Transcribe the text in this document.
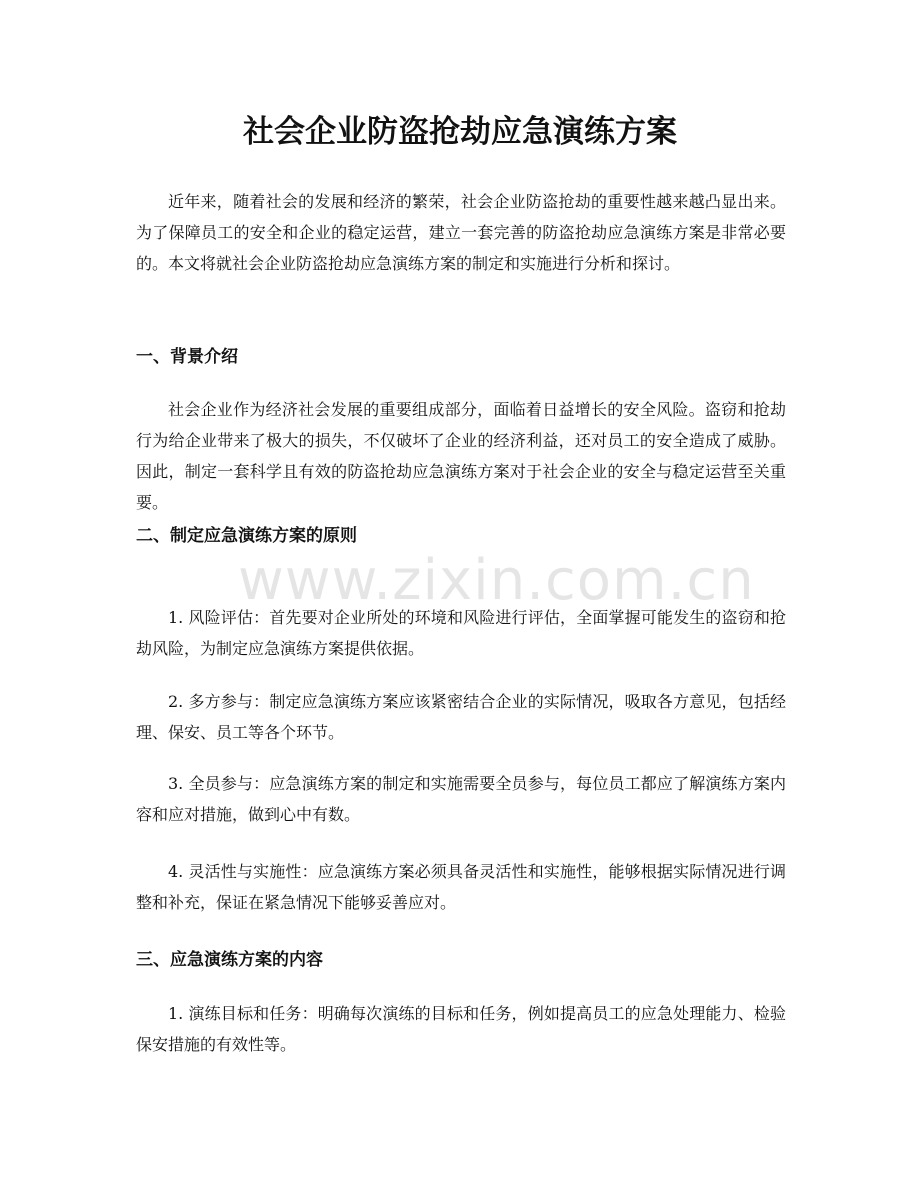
社会企业防盗抢劫应急演练方案

近年来，随着社会的发展和经济的繁荣，社会企业防盗抢劫的重要性越来越凸显出来。为了保障员工的安全和企业的稳定运营，建立一套完善的防盗抢劫应急演练方案是非常必要的。本文将就社会企业防盗抢劫应急演练方案的制定和实施进行分析和探讨。

一、背景介绍

社会企业作为经济社会发展的重要组成部分，面临着日益增长的安全风险。盗窃和抢劫行为给企业带来了极大的损失，不仅破坏了企业的经济利益，还对员工的安全造成了威胁。因此，制定一套科学且有效的防盗抢劫应急演练方案对于社会企业的安全与稳定运营至关重要。

二、制定应急演练方案的原则

1. 风险评估：首先要对企业所处的环境和风险进行评估，全面掌握可能发生的盗窃和抢劫风险，为制定应急演练方案提供依据。

2. 多方参与：制定应急演练方案应该紧密结合企业的实际情况，吸取各方意见，包括经理、保安、员工等各个环节。

3. 全员参与：应急演练方案的制定和实施需要全员参与，每位员工都应了解演练方案内容和应对措施，做到心中有数。

4. 灵活性与实施性：应急演练方案必须具备灵活性和实施性，能够根据实际情况进行调整和补充，保证在紧急情况下能够妥善应对。

三、应急演练方案的内容

1. 演练目标和任务：明确每次演练的目标和任务，例如提高员工的应急处理能力、检验保安措施的有效性等。

www.zixin.com.cn
